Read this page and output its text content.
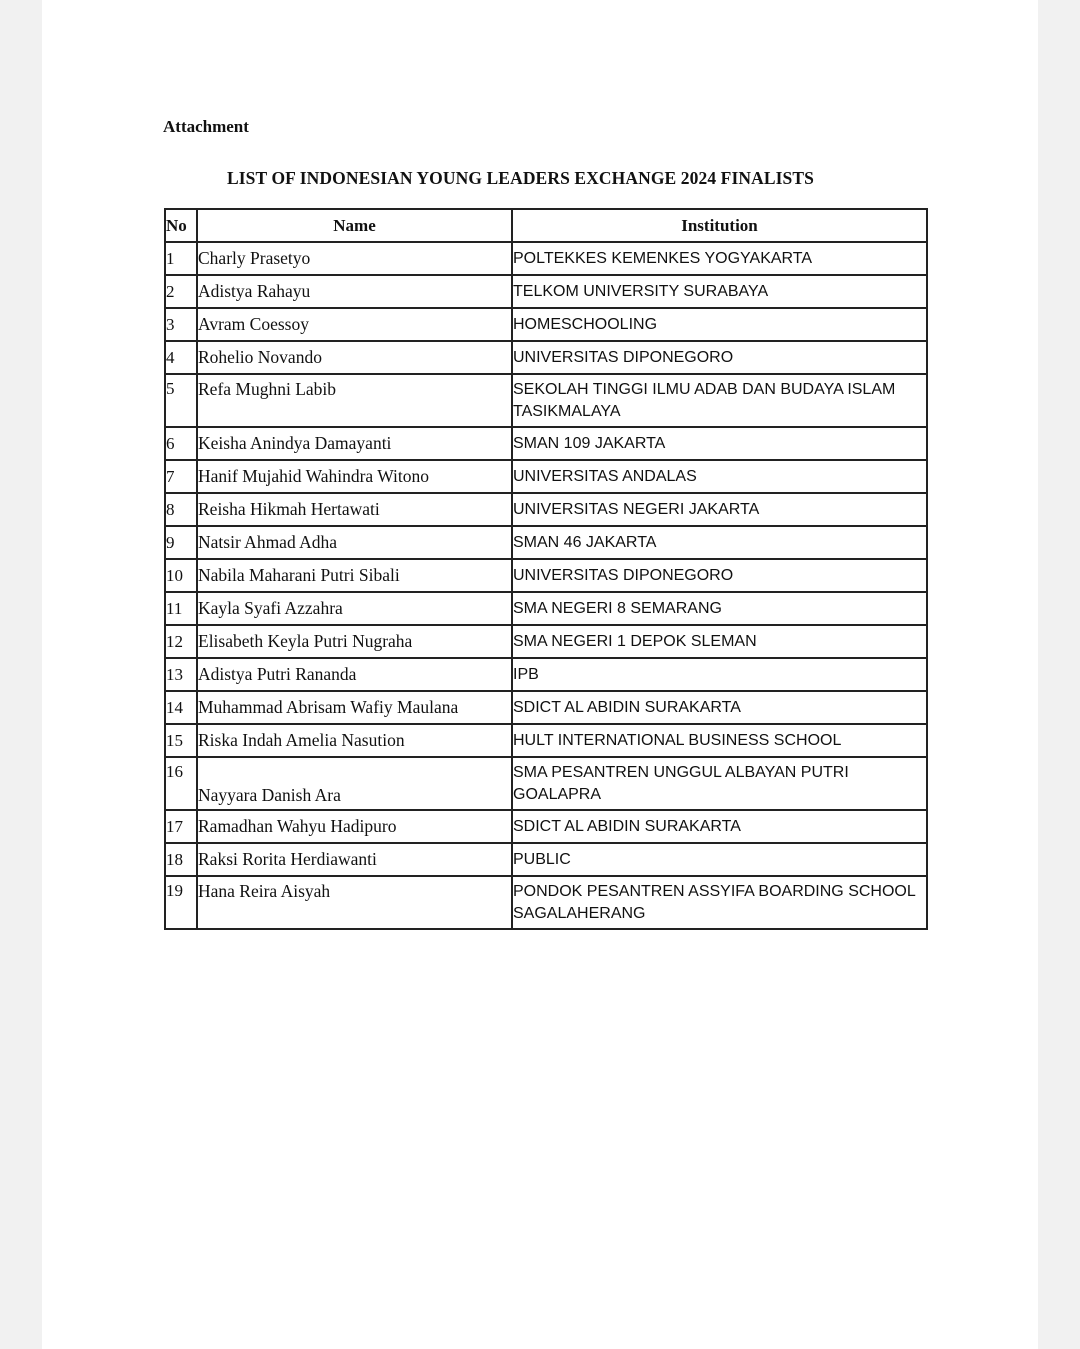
Attachment
LIST OF INDONESIAN YOUNG LEADERS EXCHANGE 2024 FINALISTS
No	Name	Institution
1	Charly Prasetyo	POLTEKKES KEMENKES YOGYAKARTA
2	Adistya Rahayu	TELKOM UNIVERSITY SURABAYA
3	Avram Coessoy	HOMESCHOOLING
4	Rohelio Novando	UNIVERSITAS DIPONEGORO
5	Refa Mughni Labib	SEKOLAH TINGGI ILMU ADAB DAN BUDAYA ISLAM TASIKMALAYA
6	Keisha Anindya Damayanti	SMAN 109 JAKARTA
7	Hanif Mujahid Wahindra Witono	UNIVERSITAS ANDALAS
8	Reisha Hikmah Hertawati	UNIVERSITAS NEGERI JAKARTA
9	Natsir Ahmad Adha	SMAN 46 JAKARTA
10	Nabila Maharani Putri Sibali	UNIVERSITAS DIPONEGORO
11	Kayla Syafi Azzahra	SMA NEGERI 8 SEMARANG
12	Elisabeth Keyla Putri Nugraha	SMA NEGERI 1 DEPOK SLEMAN
13	Adistya Putri Rananda	IPB
14	Muhammad Abrisam Wafiy Maulana	SDICT AL ABIDIN SURAKARTA
15	Riska Indah Amelia Nasution	HULT INTERNATIONAL BUSINESS SCHOOL
16	Nayyara Danish Ara	SMA PESANTREN UNGGUL ALBAYAN PUTRI GOALAPRA
17	Ramadhan Wahyu Hadipuro	SDICT AL ABIDIN SURAKARTA
18	Raksi Rorita Herdiawanti	PUBLIC
19	Hana Reira Aisyah	PONDOK PESANTREN ASSYIFA BOARDING SCHOOL SAGALAHERANG
